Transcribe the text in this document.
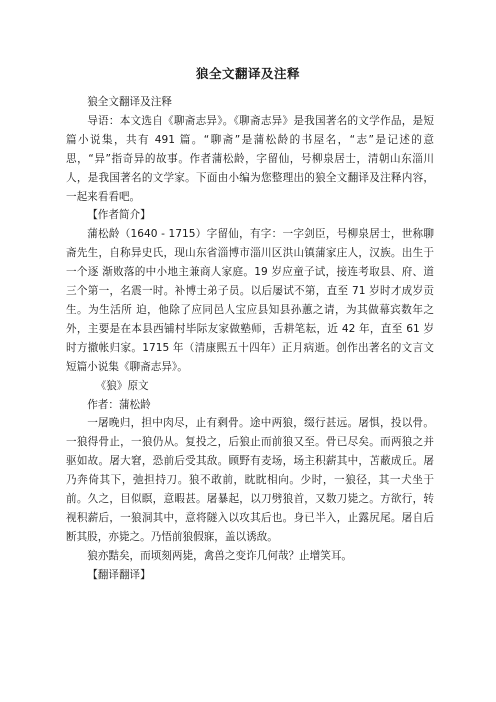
狼全文翻译及注释

狼全文翻译及注释

导语：本文选自《聊斋志异》。《聊斋志异》是我国著名的文学作品，是短篇小说集，共有 491 篇。“聊斋”是蒲松龄的书屋名，“志”是记述的意思，“异”指奇异的故事。作者蒲松龄，字留仙，号柳泉居士，清朝山东淄川人，是我国著名的文学家。下面由小编为您整理出的狼全文翻译及注释内容，一起来看看吧。

【作者简介】

蒲松龄（1640 - 1715）字留仙，有字：一字剑臣，号柳泉居士，世称聊斋先生，自称异史氏，现山东省淄博市淄川区洪山镇蒲家庄人，汉族。出生于一个逐 渐败落的中小地主兼商人家庭。19 岁应童子试，接连考取县、府、道三个第一，名震一时。补博士弟子员。以后屡试不第，直至 71 岁时才成岁贡生。为生活所 迫，他除了应同邑人宝应县知县孙蕙之请，为其做幕宾数年之外，主要是在本县西铺村毕际友家做塾师，舌耕笔耘，近 42 年，直至 61 岁时方撤帐归家。1715 年（清康熙五十四年）正月病逝。创作出著名的文言文短篇小说集《聊斋志异》。

《狼》原文

作者：蒲松龄

一屠晚归，担中肉尽，止有剩骨。途中两狼，缀行甚远。屠惧，投以骨。一狼得骨止，一狼仍从。复投之，后狼止而前狼又至。骨已尽矣。而两狼之并驱如故。屠大窘，恐前后受其敌。顾野有麦场，场主积薪其中，苫蔽成丘。屠乃奔倚其下，弛担持刀。狼不敢前，眈眈相向。少时，一狼径，其一犬坐于前。久之，目似瞑，意暇甚。屠暴起，以刀劈狼首，又数刀毙之。方欲行，转视积薪后，一狼洞其中，意将隧入以攻其后也。身已半入，止露尻尾。屠自后断其股，亦毙之。乃悟前狼假寐，盖以诱敌。

狼亦黠矣，而顷刻两毙，禽兽之变诈几何哉？止增笑耳。

【翻译翻译】
